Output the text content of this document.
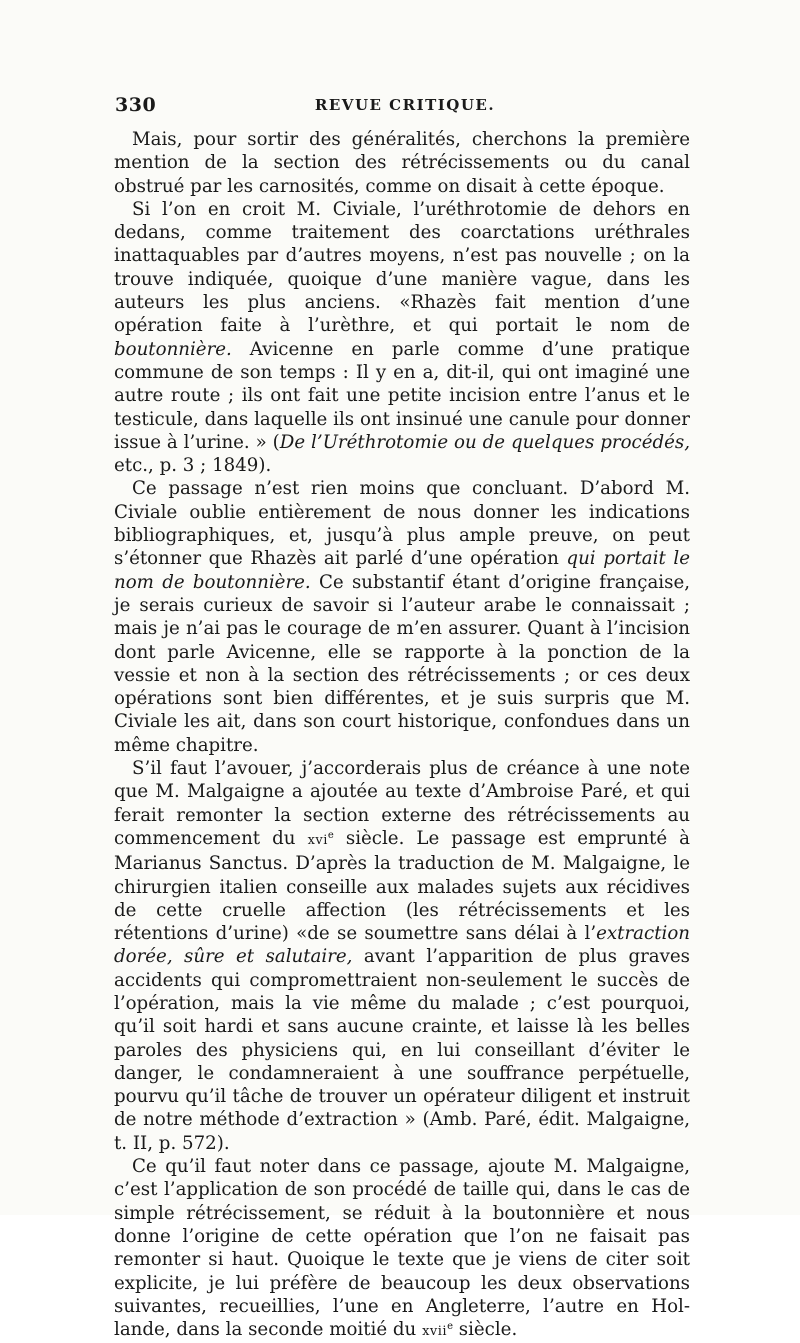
330	REVUE CRITIQUE.

Mais, pour sortir des généralités, cherchons la première mention de la section des rétrécissements ou du canal obstrué par les carnosités, comme on disait à cette époque.

Si l’on en croit M. Civiale, l’uréthrotomie de dehors en dedans, comme traitement des coarctations uréthrales inattaquables par d’autres moyens, n’est pas nouvelle ; on la trouve indiquée, quoique d’une manière vague, dans les auteurs les plus anciens. «Rhazès fait mention d’une opération faite à l’urèthre, et qui portait le nom de boutonnière. Avicenne en parle comme d’une pratique commune de son temps : Il y en a, dit-il, qui ont imaginé une autre route ; ils ont fait une petite incision entre l’anus et le testicule, dans laquelle ils ont insinué une canule pour donner issue à l’urine. » (De l’Uréthrotomie ou de quelques procédés, etc., p. 3 ; 1849).

Ce passage n’est rien moins que concluant. D’abord M. Civiale oublie entièrement de nous donner les indications bibliographiques, et, jusqu’à plus ample preuve, on peut s’étonner que Rhazès ait parlé d’une opération qui portait le nom de boutonnière. Ce substantif étant d’origine française, je serais curieux de savoir si l’auteur arabe le connaissait ; mais je n’ai pas le courage de m’en assurer. Quant à l’incision dont parle Avicenne, elle se rapporte à la ponction de la vessie et non à la section des rétrécissements ; or ces deux opérations sont bien différentes, et je suis surpris que M. Civiale les ait, dans son court historique, confondues dans un même chapitre.

S’il faut l’avouer, j’accorderais plus de créance à une note que M. Malgaigne a ajoutée au texte d’Ambroise Paré, et qui ferait remonter la section externe des rétrécissements au commencement du xvi$^e$ siècle. Le passage est emprunté à Marianus Sanctus. D’après la traduction de M. Malgaigne, le chirurgien italien conseille aux malades sujets aux récidives de cette cruelle affection (les rétrécissements et les rétentions d’urine) «de se soumettre sans délai à l’extraction dorée, sûre et salutaire, avant l’apparition de plus graves accidents qui compromettraient non-seulement le succès de l’opération, mais la vie même du malade ; c’est pourquoi, qu’il soit hardi et sans aucune crainte, et laisse là les belles paroles des physiciens qui, en lui conseillant d’éviter le danger, le condamneraient à une souffrance perpétuelle, pourvu qu’il tâche de trouver un opérateur diligent et instruit de notre méthode d’extraction » (Amb. Paré, édit. Malgaigne, t. II, p. 572).

Ce qu’il faut noter dans ce passage, ajoute M. Malgaigne, c’est l’application de son procédé de taille qui, dans le cas de simple rétrécissement, se réduit à la boutonnière et nous donne l’origine de cette opération que l’on ne faisait pas remonter si haut. Quoique le texte que je viens de citer soit explicite, je lui préfère de beaucoup les deux observations suivantes, recueillies, l’une en Angleterre, l’autre en Hollande, dans la seconde moitié du xvii$^e$ siècle.
